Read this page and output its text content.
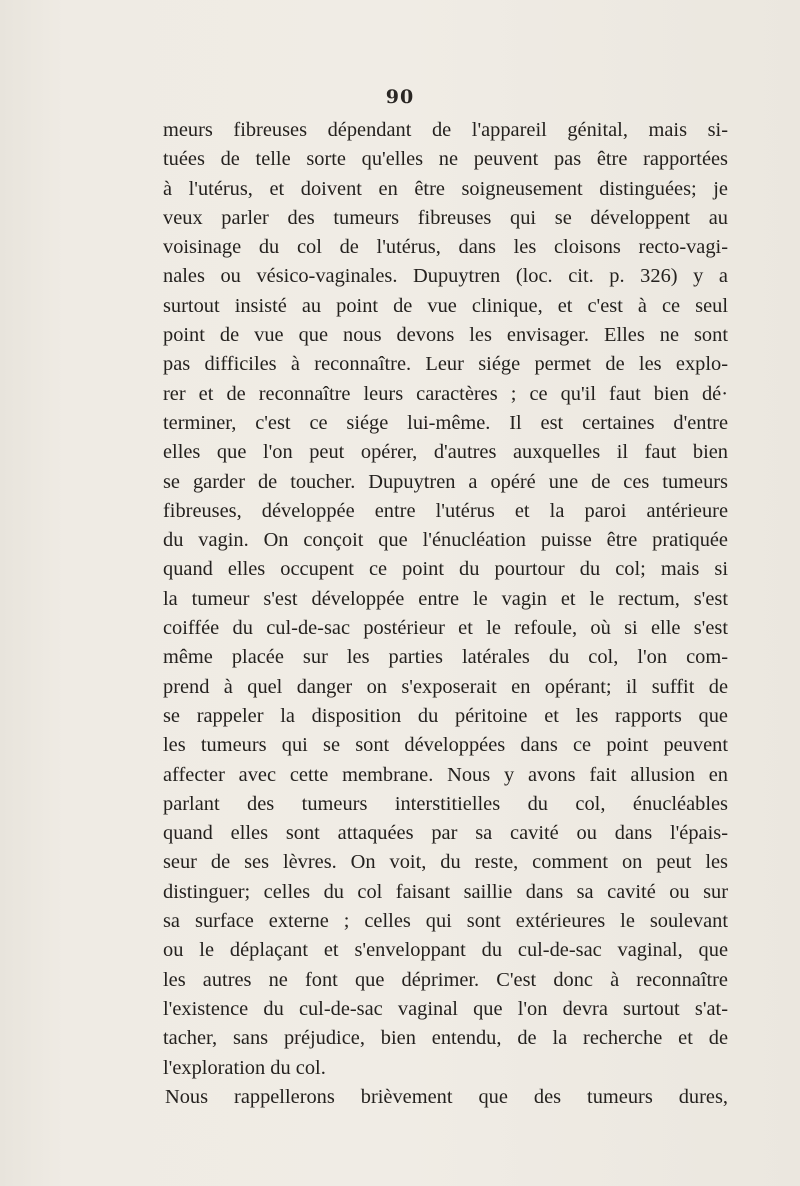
90
meurs fibreuses dépendant de l'appareil génital, mais si-
tuées de telle sorte qu'elles ne peuvent pas être rapportées
à l'utérus, et doivent en être soigneusement distinguées; je
veux parler des tumeurs fibreuses qui se développent au
voisinage du col de l'utérus, dans les cloisons recto-vagi-
nales ou vésico-vaginales. Dupuytren (loc. cit. p. 326) y a
surtout insisté au point de vue clinique, et c'est à ce seul
point de vue que nous devons les envisager. Elles ne sont
pas difficiles à reconnaître. Leur siége permet de les explo-
rer et de reconnaître leurs caractères ; ce qu'il faut bien dé·
terminer, c'est ce siége lui-même. Il est certaines d'entre
elles que l'on peut opérer, d'autres auxquelles il faut bien
se garder de toucher. Dupuytren a opéré une de ces tumeurs
fibreuses, développée entre l'utérus et la paroi antérieure
du vagin. On conçoit que l'énucléation puisse être pratiquée
quand elles occupent ce point du pourtour du col; mais si
la tumeur s'est développée entre le vagin et le rectum, s'est
coiffée du cul-de-sac postérieur et le refoule, où si elle s'est
même placée sur les parties latérales du col, l'on com-
prend à quel danger on s'exposerait en opérant; il suffit de
se rappeler la disposition du péritoine et les rapports que
les tumeurs qui se sont développées dans ce point peuvent
affecter avec cette membrane. Nous y avons fait allusion en
parlant des tumeurs interstitielles du col, énucléables
quand elles sont attaquées par sa cavité ou dans l'épais-
seur de ses lèvres. On voit, du reste, comment on peut les
distinguer; celles du col faisant saillie dans sa cavité ou sur
sa surface externe ; celles qui sont extérieures le soulevant
ou le déplaçant et s'enveloppant du cul-de-sac vaginal, que
les autres ne font que déprimer. C'est donc à reconnaître
l'existence du cul-de-sac vaginal que l'on devra surtout s'at-
tacher, sans préjudice, bien entendu, de la recherche et de
l'exploration du col.
Nous rappellerons brièvement que des tumeurs dures,
